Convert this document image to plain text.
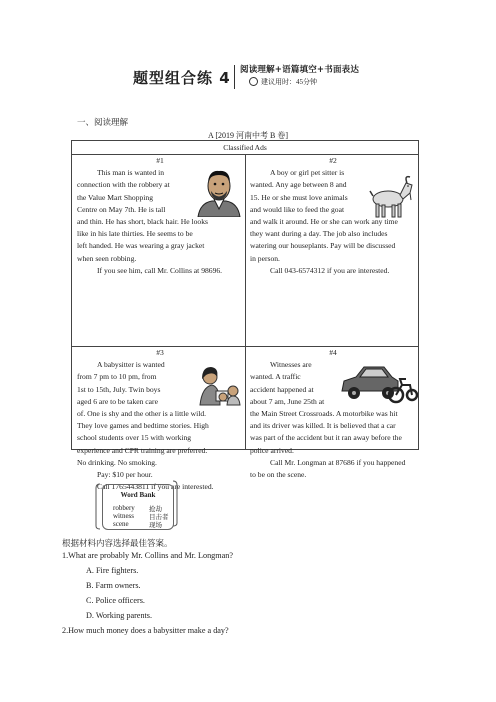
题型组合练 4 阅读理解+语篇填空+书面表达
建议用时：45分钟
一、阅读理解
A [2019 河南中考 B 卷]
Classified Ads
#1
This man is wanted in
connection with the robbery at
the Value Mart Shopping
Centre on May 7th. He is tall
and thin. He has short, black hair. He looks
like in his late thirties. He seems to be
left handed. He was wearing a gray jacket
when seen robbing.
If you see him, call Mr. Collins at 98696.
#2
A boy or girl pet sitter is
wanted. Any age between 8 and
15. He or she must love animals
and would like to feed the goat
and walk it around. He or she can work any time
they want during a day. The job also includes
watering our houseplants. Pay will be discussed
in person.
Call 043-6574312 if you are interested.
#3
A babysitter is wanted
from 7 pm to 10 pm, from
1st to 15th, July. Twin boys
aged 6 are to be taken care
of. One is shy and the other is a little wild.
They love games and bedtime stories. High
school students over 15 with working
experience and CPR training are preferred.
No drinking. No smoking.
Pay: $10 per hour.
Call 1765443811 if you are interested.
#4
Witnesses are
wanted. A traffic
accident happened at
about 7 am, June 25th at
the Main Street Crossroads. A motorbike was hit
and its driver was killed. It is believed that a car
was part of the accident but it ran away before the
police arrived.
Call Mr. Longman at 87686 if you happened
to be on the scene.
Word Bank
robbery 抢劫
witness 目击者
scene	现场
根据材料内容选择最佳答案。
1.What are probably Mr. Collins and Mr. Longman?
A. Fire fighters.
B. Farm owners.
C. Police officers.
D. Working parents.
2.How much money does a babysitter make a day?
